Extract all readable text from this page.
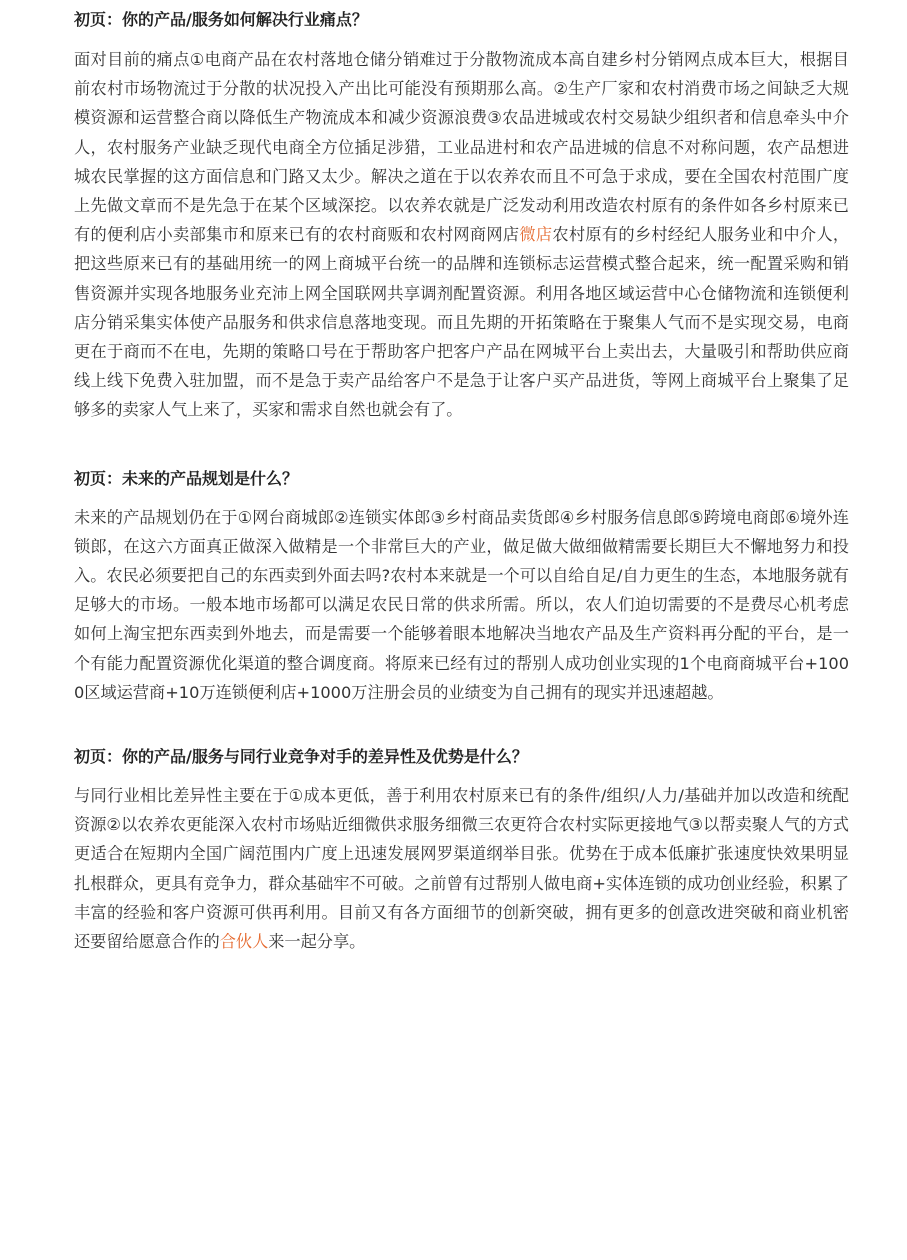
初页：你的产品/服务如何解决行业痛点？

面对目前的痛点①电商产品在农村落地仓储分销难过于分散物流成本高自建乡村分销网点成本巨大，根据目前农村市场物流过于分散的状况投入产出比可能没有预期那么高。②生产厂家和农村消费市场之间缺乏大规模资源和运营整合商以降低生产物流成本和减少资源浪费③农品进城或农村交易缺少组织者和信息牵头中介人，农村服务产业缺乏现代电商全方位插足涉猎，工业品进村和农产品进城的信息不对称问题，农产品想进城农民掌握的这方面信息和门路又太少。解决之道在于以农养农而且不可急于求成，要在全国农村范围广度上先做文章而不是先急于在某个区域深挖。以农养农就是广泛发动利用改造农村原有的条件如各乡村原来已有的便利店小卖部集市和原来已有的农村商贩和农村网商网店微店农村原有的乡村经纪人服务业和中介人，把这些原来已有的基础用统一的网上商城平台统一的品牌和连锁标志运营模式整合起来，统一配置采购和销售资源并实现各地服务业充沛上网全国联网共享调剂配置资源。利用各地区域运营中心仓储物流和连锁便利店分销采集实体使产品服务和供求信息落地变现。而且先期的开拓策略在于聚集人气而不是实现交易，电商更在于商而不在电，先期的策略口号在于帮助客户把客户产品在网城平台上卖出去，大量吸引和帮助供应商线上线下免费入驻加盟，而不是急于卖产品给客户不是急于让客户买产品进货，等网上商城平台上聚集了足够多的卖家人气上来了，买家和需求自然也就会有了。

初页：未来的产品规划是什么？

未来的产品规划仍在于①网台商城郎②连锁实体郎③乡村商品卖货郎④乡村服务信息郎⑤跨境电商郎⑥境外连锁郎，在这六方面真正做深入做精是一个非常巨大的产业，做足做大做细做精需要长期巨大不懈地努力和投入。农民必须要把自己的东西卖到外面去吗?农村本来就是一个可以自给自足/自力更生的生态，本地服务就有足够大的市场。一般本地市场都可以满足农民日常的供求所需。所以，农人们迫切需要的不是费尽心机考虑如何上淘宝把东西卖到外地去，而是需要一个能够着眼本地解决当地农产品及生产资料再分配的平台，是一个有能力配置资源优化渠道的整合调度商。将原来已经有过的帮别人成功创业实现的1个电商商城平台+1000区域运营商+10万连锁便利店+1000万注册会员的业绩变为自己拥有的现实并迅速超越。

初页：你的产品/服务与同行业竞争对手的差异性及优势是什么？

与同行业相比差异性主要在于①成本更低，善于利用农村原来已有的条件/组织/人力/基础并加以改造和统配资源②以农养农更能深入农村市场贴近细微供求服务细微三农更符合农村实际更接地气③以帮卖聚人气的方式更适合在短期内全国广阔范围内广度上迅速发展网罗渠道纲举目张。优势在于成本低廉扩张速度快效果明显扎根群众，更具有竞争力，群众基础牢不可破。之前曾有过帮别人做电商+实体连锁的成功创业经验，积累了丰富的经验和客户资源可供再利用。目前又有各方面细节的创新突破，拥有更多的创意改进突破和商业机密还要留给愿意合作的合伙人来一起分享。
